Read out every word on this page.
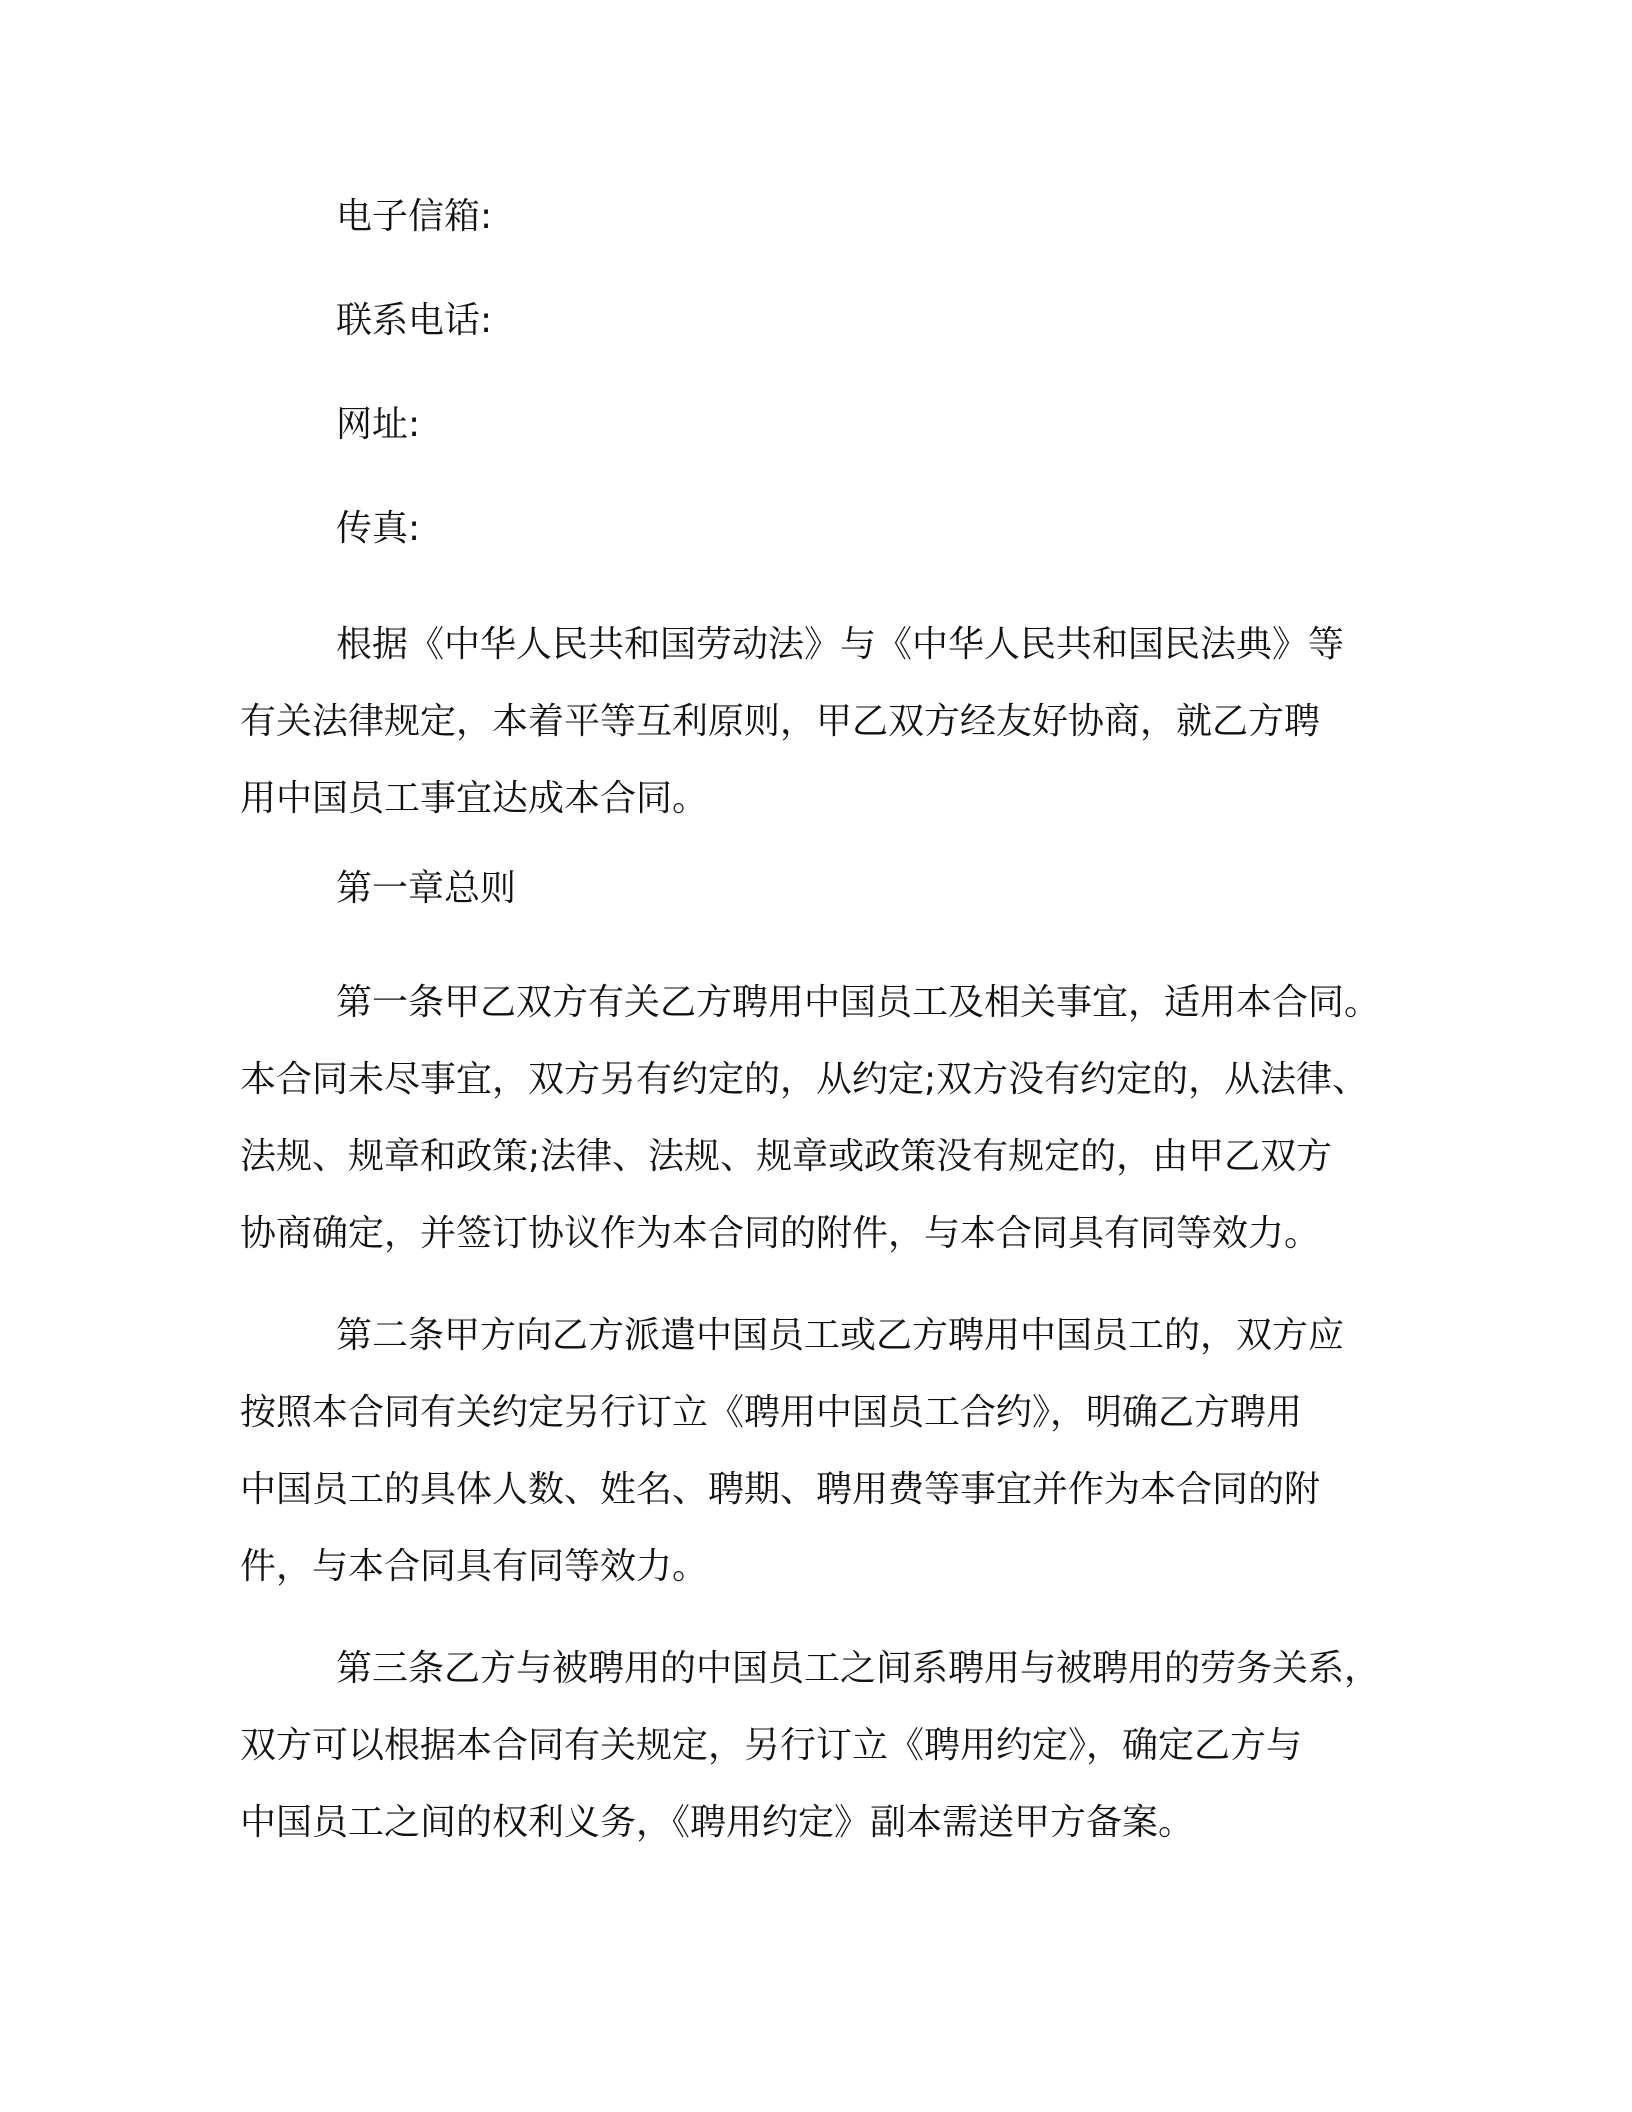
电子信箱:
联系电话:
网址:
传真:
根据《中华人民共和国劳动法》与《中华人民共和国民法典》等
有关法律规定，本着平等互利原则，甲乙双方经友好协商，就乙方聘
用中国员工事宜达成本合同。
第一章总则
第一条甲乙双方有关乙方聘用中国员工及相关事宜，适用本合同。
本合同未尽事宜，双方另有约定的，从约定;双方没有约定的，从法律、
法规、规章和政策;法律、法规、规章或政策没有规定的，由甲乙双方
协商确定，并签订协议作为本合同的附件，与本合同具有同等效力。
第二条甲方向乙方派遣中国员工或乙方聘用中国员工的，双方应
按照本合同有关约定另行订立《聘用中国员工合约》，明确乙方聘用
中国员工的具体人数、姓名、聘期、聘用费等事宜并作为本合同的附
件，与本合同具有同等效力。
第三条乙方与被聘用的中国员工之间系聘用与被聘用的劳务关系，
双方可以根据本合同有关规定，另行订立《聘用约定》，确定乙方与
中国员工之间的权利义务，《聘用约定》副本需送甲方备案。
